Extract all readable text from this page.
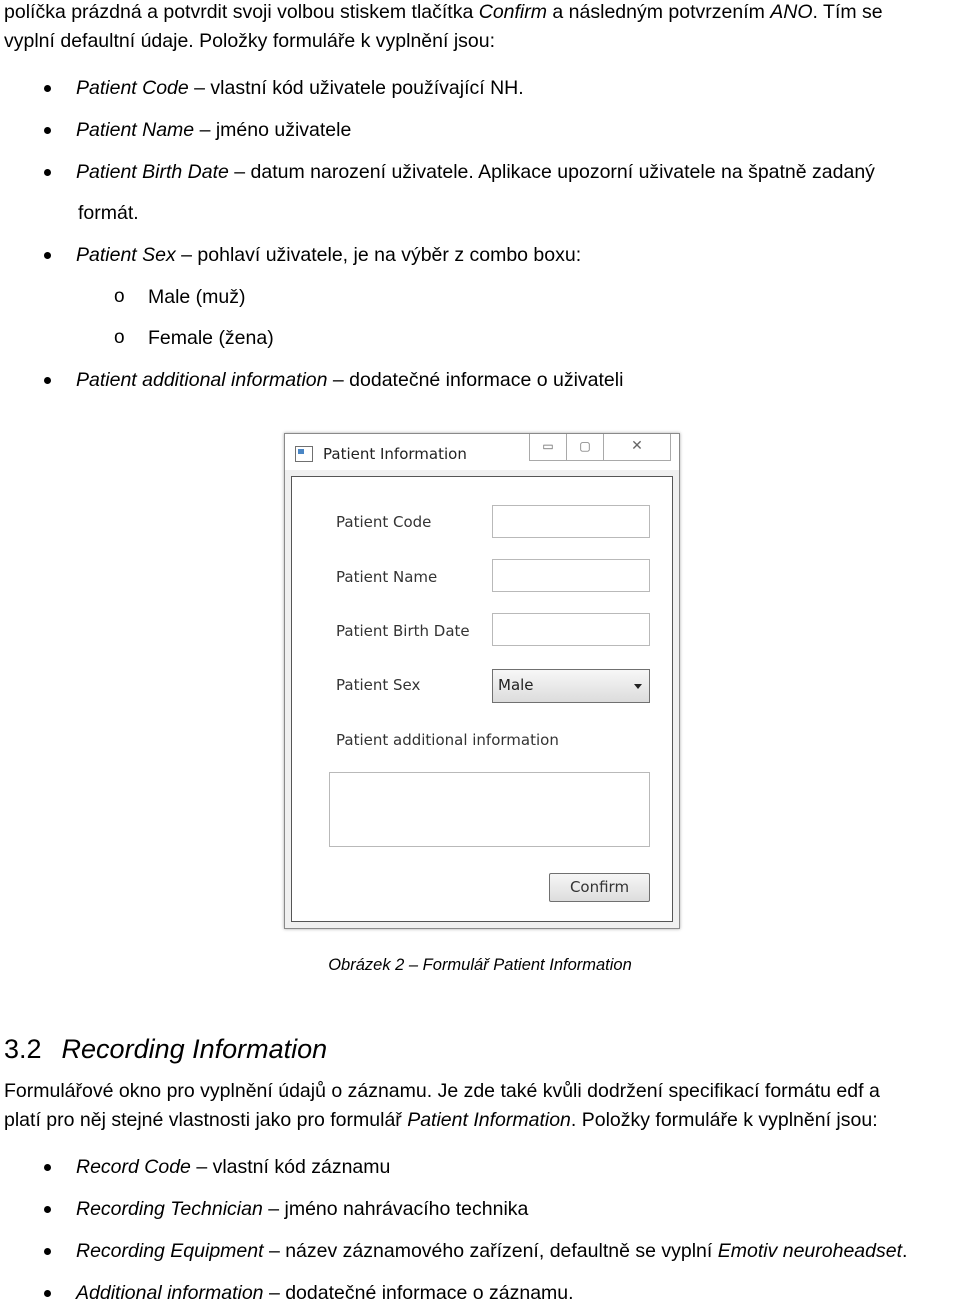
políčka prázdná a potvrdit svoji volbou stiskem tlačítka Confirm a následným potvrzením ANO. Tím se
vyplní defaultní údaje. Položky formuláře k vyplnění jsou:
Patient Code – vlastní kód uživatele používající NH.
Patient Name – jméno uživatele
Patient Birth Date – datum narození uživatele. Aplikace upozorní uživatele na špatně zadaný
formát.
Patient Sex – pohlaví uživatele, je na výběr z combo boxu:
o Male (muž)
o Female (žena)
Patient additional information – dodatečné informace o uživateli
Patient Information	▭	▢	✕
Patient Code
Patient Name
Patient Birth Date
Patient Sex	Male
Patient additional information
Confirm
Obrázek 2 – Formulář Patient Information
3.2 Recording Information
Formulářové okno pro vyplnění údajů o záznamu. Je zde také kvůli dodržení specifikací formátu edf a
platí pro něj stejné vlastnosti jako pro formulář Patient Information. Položky formuláře k vyplnění jsou:
Record Code – vlastní kód záznamu
Recording Technician – jméno nahrávacího technika
Recording Equipment – název záznamového zařízení, defaultně se vyplní Emotiv neuroheadset.
Additional information – dodatečné informace o záznamu.
